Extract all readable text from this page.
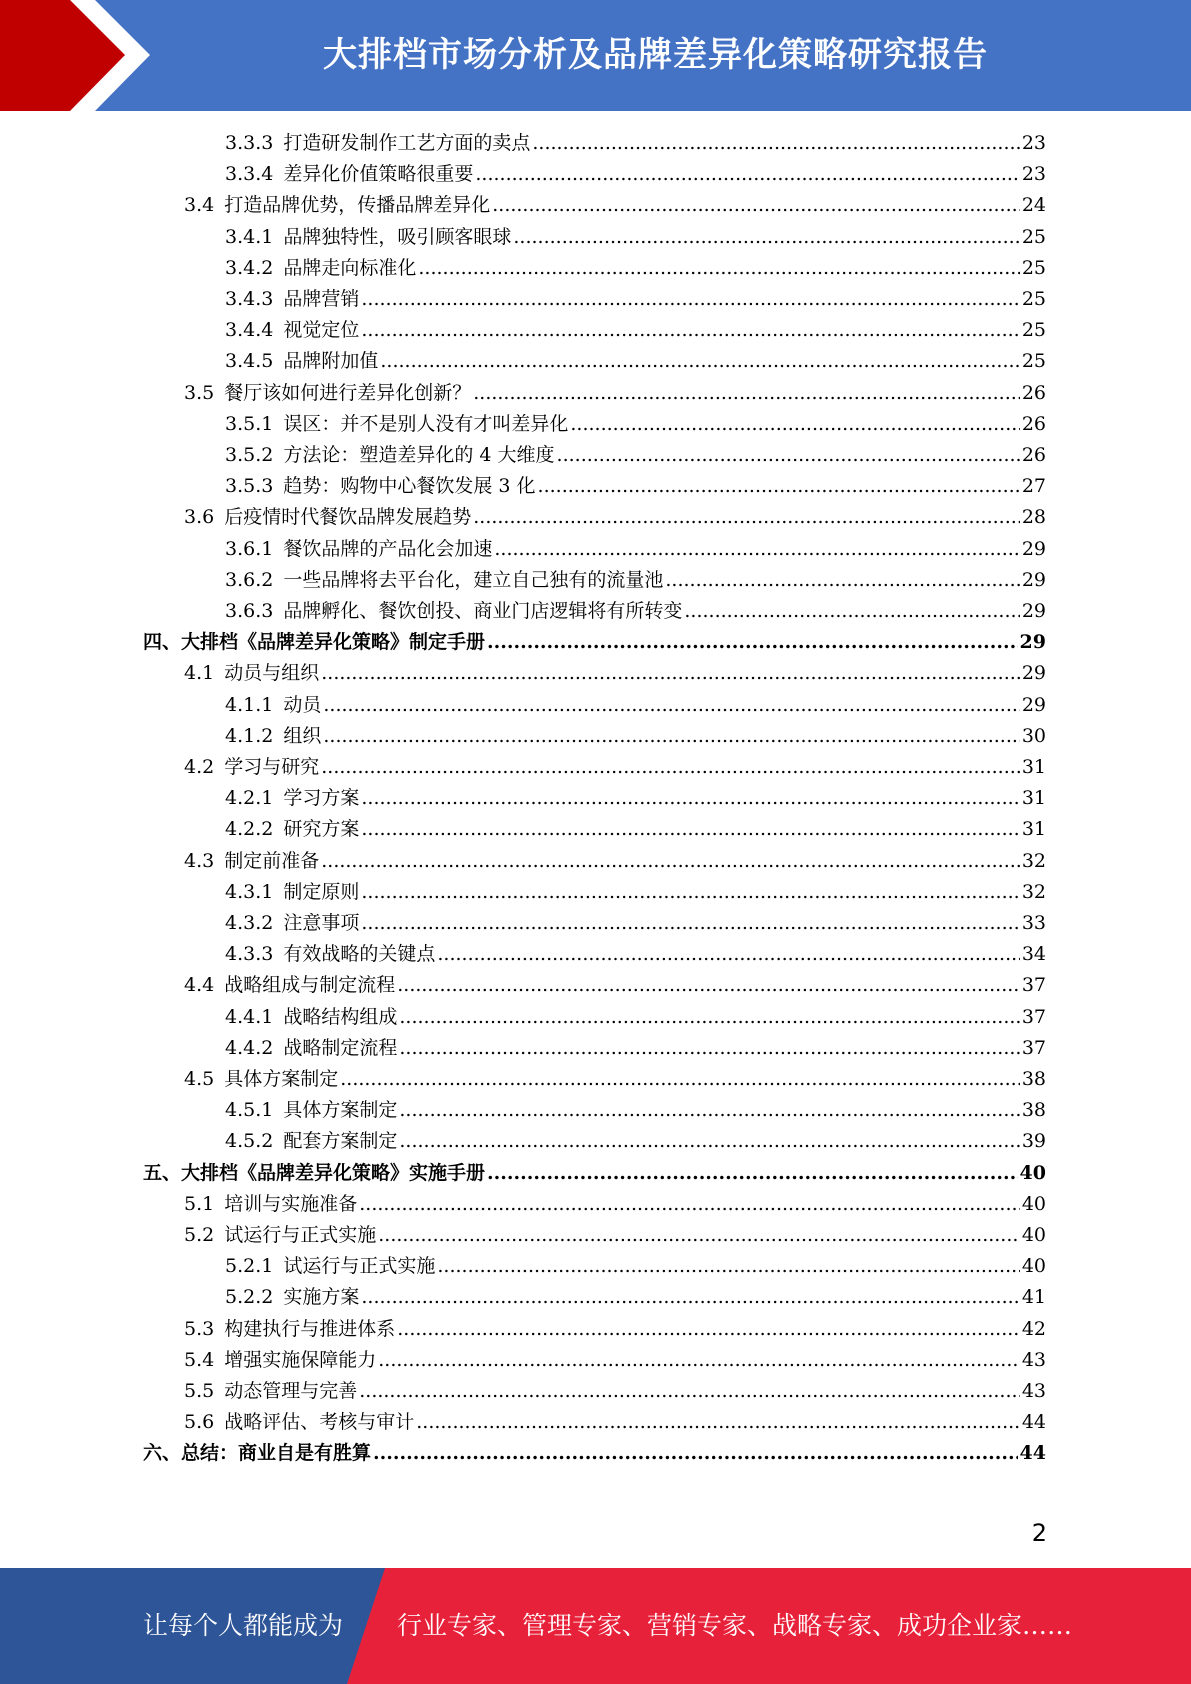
大排档市场分析及品牌差异化策略研究报告
3.3.3 打造研发制作工艺方面的卖点 .....	23
3.3.4 差异化价值策略很重要 .....	23
3.4 打造品牌优势，传播品牌差异化 .....	24
3.4.1 品牌独特性，吸引顾客眼球 .....	25
3.4.2 品牌走向标准化 .....	25
3.4.3 品牌营销 .....	25
3.4.4 视觉定位 .....	25
3.4.5 品牌附加值 .....	25
3.5 餐厅该如何进行差异化创新？ .....	26
3.5.1 误区：并不是别人没有才叫差异化 .....	26
3.5.2 方法论：塑造差异化的 4 大维度 .....	26
3.5.3 趋势：购物中心餐饮发展 3 化 .....	27
3.6 后疫情时代餐饮品牌发展趋势 .....	28
3.6.1 餐饮品牌的产品化会加速 .....	29
3.6.2 一些品牌将去平台化，建立自己独有的流量池 .....	29
3.6.3 品牌孵化、餐饮创投、商业门店逻辑将有所转变 .....	29
四、大排档《品牌差异化策略》制定手册 .....	29
4.1 动员与组织 .....	29
4.1.1 动员 .....	29
4.1.2 组织 .....	30
4.2 学习与研究 .....	31
4.2.1 学习方案 .....	31
4.2.2 研究方案 .....	31
4.3 制定前准备 .....	32
4.3.1 制定原则 .....	32
4.3.2 注意事项 .....	33
4.3.3 有效战略的关键点 .....	34
4.4 战略组成与制定流程 .....	37
4.4.1 战略结构组成 .....	37
4.4.2 战略制定流程 .....	37
4.5 具体方案制定 .....	38
4.5.1 具体方案制定 .....	38
4.5.2 配套方案制定 .....	39
五、大排档《品牌差异化策略》实施手册 .....	40
5.1 培训与实施准备 .....	40
5.2 试运行与正式实施 .....	40
5.2.1 试运行与正式实施 .....	40
5.2.2 实施方案 .....	41
5.3 构建执行与推进体系 .....	42
5.4 增强实施保障能力 .....	43
5.5 动态管理与完善 .....	43
5.6 战略评估、考核与审计 .....	44
六、总结：商业自是有胜算 .....	44
2
让每个人都能成为 行业专家、管理专家、营销专家、战略专家、成功企业家……
